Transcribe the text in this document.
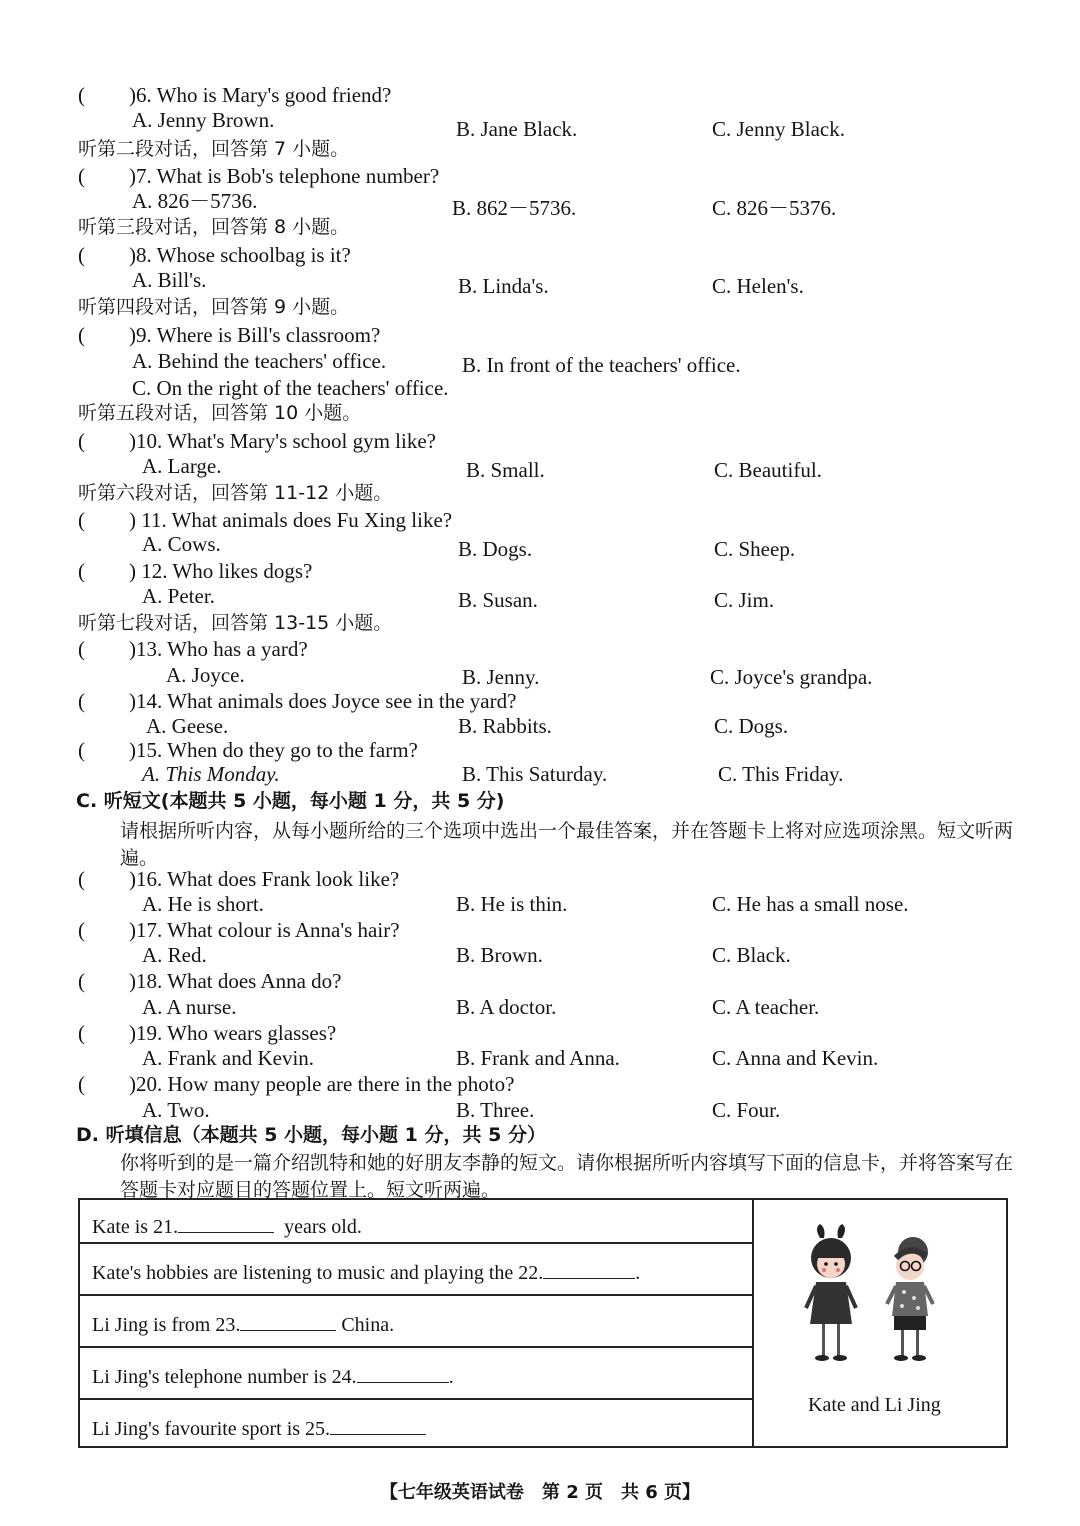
( )6. Who is Mary's good friend?
A. Jenny Brown.	B. Jane Black.	C. Jenny Black.
听第二段对话，回答第 7 小题。
( )7. What is Bob's telephone number?
A. 826－5736.	B. 862－5736.	C. 826－5376.
听第三段对话，回答第 8 小题。
( )8. Whose schoolbag is it?
A. Bill's.	B. Linda's.	C. Helen's.
听第四段对话，回答第 9 小题。
( )9. Where is Bill's classroom?
A. Behind the teachers' office.	B. In front of the teachers' office.
C. On the right of the teachers' office.
听第五段对话，回答第 10 小题。
( )10. What's Mary's school gym like?
A. Large.	B. Small.	C. Beautiful.
听第六段对话，回答第 11-12 小题。
( ) 11. What animals does Fu Xing like?
A. Cows.	B. Dogs.	C. Sheep.
( ) 12. Who likes dogs?
A. Peter.	B. Susan.	C. Jim.
听第七段对话，回答第 13-15 小题。
( )13. Who has a yard?
A. Joyce.	B. Jenny.	C. Joyce's grandpa.
( )14. What animals does Joyce see in the yard?
A. Geese.	B. Rabbits.	C. Dogs.
( )15. When do they go to the farm?
A. This Monday.	B. This Saturday.	C. This Friday.
C. 听短文(本题共 5 小题，每小题 1 分，共 5 分)
请根据所听内容，从每小题所给的三个选项中选出一个最佳答案，并在答题卡上将对应选项涂黑。短文听两遍。
( )16. What does Frank look like?
A. He is short.	B. He is thin.	C. He has a small nose.
( )17. What colour is Anna's hair?
A. Red.	B. Brown.	C. Black.
( )18. What does Anna do?
A. A nurse.	B. A doctor.	C. A teacher.
( )19. Who wears glasses?
A. Frank and Kevin.	B. Frank and Anna.	C. Anna and Kevin.
( )20. How many people are there in the photo?
A. Two.	B. Three.	C. Four.
D. 听填信息（本题共 5 小题，每小题 1 分，共 5 分）
你将听到的是一篇介绍凯特和她的好朋友李静的短文。请你根据所听内容填写下面的信息卡，并将答案写在答题卡对应题目的答题位置上。短文听两遍。
Kate is 21.	years old.
Kate's hobbies are listening to music and playing the 22.	.
Li Jing is from 23.	China.
Li Jing's telephone number is 24.	.
Li Jing's favourite sport is 25.
Kate and Li Jing
【七年级英语试卷　第 2 页　共 6 页】
